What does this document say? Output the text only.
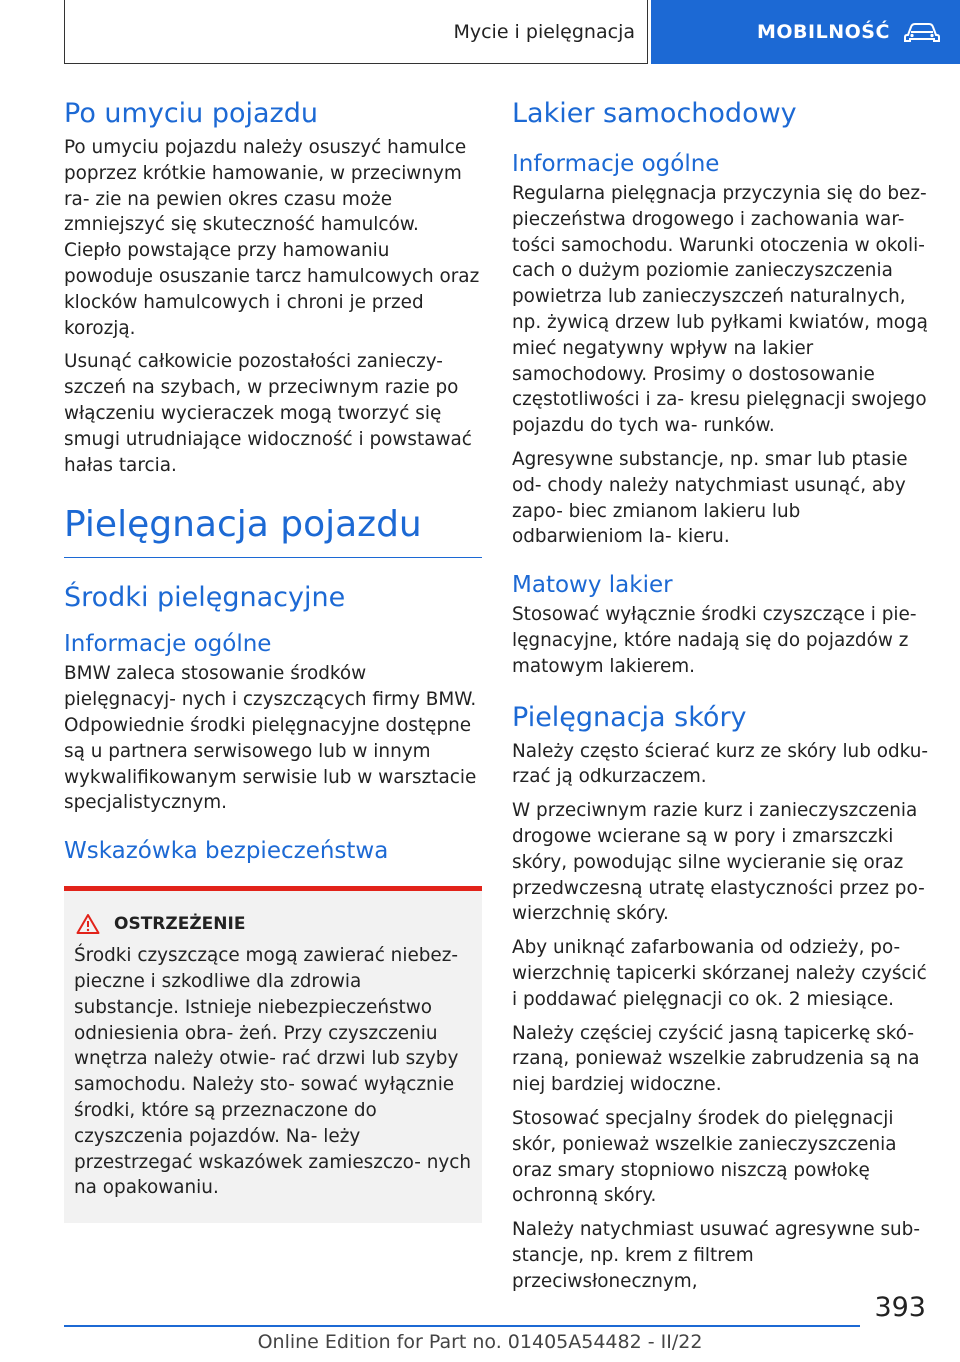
Mycie i pielęgnacja	MOBILNOŚĆ
Po umyciu pojazdu

Po umyciu pojazdu należy osuszyć hamulce poprzez krótkie hamowanie, w przeciwnym ra- zie na pewien okres czasu może zmniejszyć się skuteczność hamulców. Ciepło powstające przy hamowaniu powoduje osuszanie tarcz hamulcowych oraz klocków hamulcowych i chroni je przed korozją.

Usunąć całkowicie pozostałości zanieczy- szczeń na szybach, w przeciwnym razie po włączeniu wycieraczek mogą tworzyć się smugi utrudniające widoczność i powstawać hałas tarcia.

Pielęgnacja pojazdu
Środki pielęgnacyjne
Informacje ogólne

BMW zaleca stosowanie środków pielęgnacyj- nych i czyszczących firmy BMW. Odpowiednie środki pielęgnacyjne dostępne są u partnera serwisowego lub w innym wykwalifikowanym serwisie lub w warsztacie specjalistycznym.

Wskazówka bezpieczeństwa
OSTRZEŻENIE

Środki czyszczące mogą zawierać niebez- pieczne i szkodliwe dla zdrowia substancje. Istnieje niebezpieczeństwo odniesienia obra- żeń. Przy czyszczeniu wnętrza należy otwie- rać drzwi lub szyby samochodu. Należy sto- sować wyłącznie środki, które są przeznaczone do czyszczenia pojazdów. Na- leży przestrzegać wskazówek zamieszczo- nych na opakowaniu.

Lakier samochodowy
Informacje ogólne

Regularna pielęgnacja przyczynia się do bez- pieczeństwa drogowego i zachowania war- tości samochodu. Warunki otoczenia w okoli- cach o dużym poziomie zanieczyszczenia powietrza lub zanieczyszczeń naturalnych, np. żywicą drzew lub pyłkami kwiatów, mogą mieć negatywny wpływ na lakier samochodowy. Prosimy o dostosowanie częstotliwości i za- kresu pielęgnacji swojego pojazdu do tych wa- runków.

Agresywne substancje, np. smar lub ptasie od- chody należy natychmiast usunąć, aby zapo- biec zmianom lakieru lub odbarwieniom la- kieru.

Matowy lakier

Stosować wyłącznie środki czyszczące i pie- lęgnacyjne, które nadają się do pojazdów z matowym lakierem.

Pielęgnacja skóry

Należy często ścierać kurz ze skóry lub odku- rzać ją odkurzaczem.

W przeciwnym razie kurz i zanieczyszczenia drogowe wcierane są w pory i zmarszczki skóry, powodując silne wycieranie się oraz przedwczesną utratę elastyczności przez po- wierzchnię skóry.

Aby uniknąć zafarbowania od odzieży, po- wierzchnię tapicerki skórzanej należy czyścić i poddawać pielęgnacji co ok. 2 miesiące.

Należy częściej czyścić jasną tapicerkę skó- rzaną, ponieważ wszelkie zabrudzenia są na niej bardziej widoczne.

Stosować specjalny środek do pielęgnacji skór, ponieważ wszelkie zanieczyszczenia oraz smary stopniowo niszczą powłokę ochronną skóry.

Należy natychmiast usuwać agresywne sub- stancje, np. krem z filtrem przeciwsłonecznym,

393
Online Edition for Part no. 01405A54482 - II/22
